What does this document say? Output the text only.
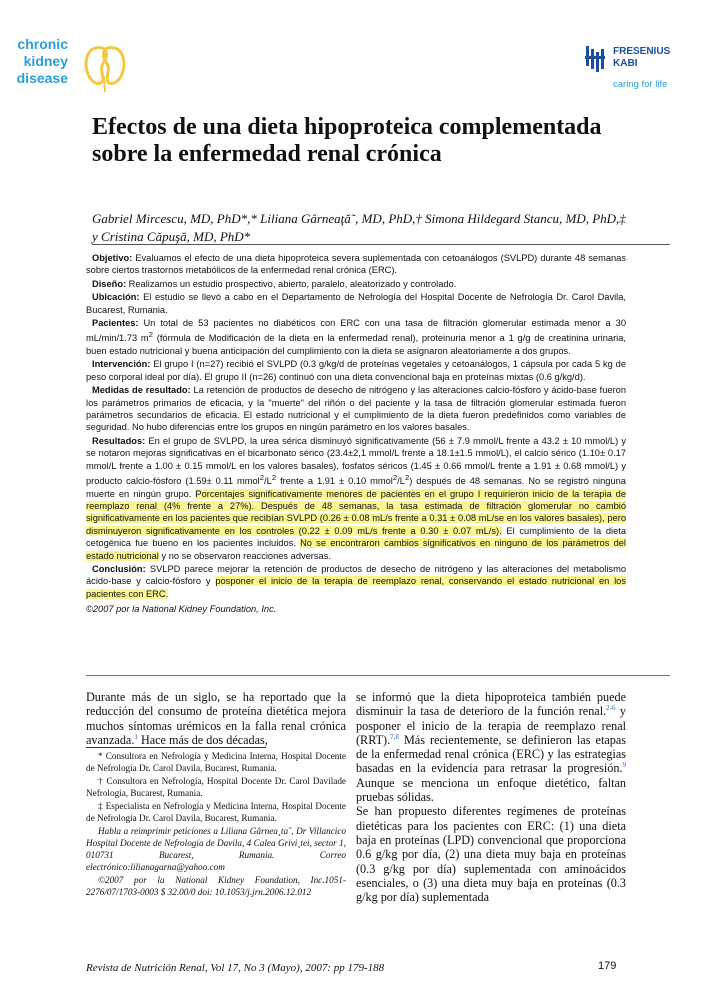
chronic
kidney
disease
FRESENIUS
KABI
caring for life
Efectos de una dieta hipoproteica complementada sobre la enfermedad renal crónica
Gabriel Mircescu, MD, PhD*,* Liliana Gârneaţă˜, MD, PhD,† Simona Hildegard Stancu, MD, PhD,‡ y Cristina Căpuşă, MD, PhD*

Objetivo: Evaluamos el efecto de una dieta hipoproteica severa suplementada con cetoanálogos (SVLPD) durante 48 semanas sobre ciertos trastornos metabólicos de la enfermedad renal crónica (ERC).

Diseño: Realizamos un estudio prospectivo, abierto, paralelo, aleatorizado y controlado.

Ubicación: El estudio se llevó a cabo en el Departamento de Nefrología del Hospital Docente de Nefrología Dr. Carol Davila, Bucarest, Rumania.

Pacientes: Un total de 53 pacientes no diabéticos con ERC con una tasa de filtración glomerular estimada menor a 30 mL/min/1.73 $m^2$ (fórmula de Modificación de la dieta en la enfermedad renal), proteinuria menor a 1 g/g de creatinina urinaria, buen estado nutricional y buena anticipación del cumplimiento con la dieta se asignaron aleatoriamente a dos grupos.

Intervención: El grupo I (n=27) recibió el SVLPD (0.3 g/kg/d de proteínas vegetales y cetoanálogos, 1 cápsula por cada 5 kg de peso corporal ideal por día). El grupo II (n=26) continuó con una dieta convencional baja en proteínas mixtas (0.6 g/kg/d).

Medidas de resultado: La retención de productos de desecho de nitrógeno y las alteraciones calcio-fósforo y ácido-base fueron los parámetros primarios de eficacia, y la "muerte" del riñón o del paciente y la tasa de filtración glomerular estimada fueron parámetros secundarios de eficacia. El estado nutricional y el cumplimiento de la dieta fueron predefinidos como variables de seguridad. No hubo diferencias entre los grupos en ningún parámetro en los valores basales.

Resultados: En el grupo de SVLPD, la urea sérica disminuyó significativamente (56 ± 7.9 mmol/L frente a 43.2 ± 10 mmol/L) y se notaron mejoras significativas en el bicarbonato sérico (23.4±2,1 mmol/L frente a 18.1±1.5 mmol/L), el calcio sérico (1.10± 0.17 mmol/L frente a 1.00 ± 0.15 mmol/L en los valores basales), fosfatos séricos (1.45 ± 0.66 mmol/L frente a 1.91 ± 0.68 mmol/L) y producto calcio-fósforo (1.59± 0.11 $mmol^2/L^2$ frente a 1.91 ± 0.10 $mmol^2/L^2$) después de 48 semanas. No se registró ninguna muerte en ningún grupo. Porcentajes significativamente menores de pacientes en el grupo I requirieron inicio de la terapia de reemplazo renal (4% frente a 27%). Después de 48 semanas, la tasa estimada de filtración glomerular no cambió significativamente en los pacientes que recibían SVLPD (0.26 ± 0.08 mL/s frente a 0.31 ± 0.08 mL/se en los valores basales), pero disminuyeron significativamente en los controles (0.22 ± 0.09 mL/s frente a 0.30 ± 0.07 mL/s). El cumplimiento de la dieta cetogénica fue bueno en los pacientes incluidos. No se encontraron cambios significativos en ninguno de los parámetros del estado nutricional y no se observaron reacciones adversas.

Conclusión: SVLPD parece mejorar la retención de productos de desecho de nitrógeno y las alteraciones del metabolismo ácido-base y calcio-fósforo y posponer el inicio de la terapia de reemplazo renal, conservando el estado nutricional en los pacientes con ERC.

©2007 por la National Kidney Foundation, Inc.

Durante más de un siglo, se ha reportado que la reducción del consumo de proteína dietética mejora muchos síntomas urémicos en la falla renal crónica avanzada.$^1$ Hace más de dos décadas,

* Consultora en Nefrología y Medicina Interna, Hospital Docente de Nefrología Dr. Carol Davila, Bucarest, Rumania.

† Consultora en Nefrología, Hospital Docente Dr. Carol Davilade Nefrología, Bucarest, Rumania.

‡ Especialista en Nefrología y Medicina Interna, Hospital Docente de Nefrología Dr. Carol Davila, Bucarest, Rumania.

Habla a reimprimir peticiones a Liliana Gârnea¸ta˘, Dr Villancico Hospital Docente de Nefrología de Davila, 4 Calea Grivi¸tei, sector 1, 010731 Bucarest, Rumania. Correo electrónico:lilianagarna@yahoo.com

©2007 por la National Kidney Foundation, Inc.1051-2276/07/1703-0003 $ 32.00/0 doi: 10.1053/j.jrn.2006.12.012

se informó que la dieta hipoproteica también puede disminuir la tasa de deterioro de la función renal.$^{2-6}$ y posponer el inicio de la terapia de reemplazo renal (RRT).$^{7,8}$ Más recientemente, se definieron las etapas de la enfermedad renal crónica (ERC) y las estrategias basadas en la evidencia para retrasar la progresión.$^9$ Aunque se menciona un enfoque dietético, faltan pruebas sólidas.

Se han propuesto diferentes regímenes de proteínas dietéticas para los pacientes con ERC: (1) una dieta baja en proteínas (LPD) convencional que proporciona 0.6 g/kg por día, (2) una dieta muy baja en proteínas (0.3 g/kg por día) suplementada con aminoácidos esenciales, o (3) una dieta muy baja en proteínas (0.3 g/kg por día) suplementada

Revista de Nutrición Renal, Vol 17, No 3 (Mayo), 2007: pp 179-188	179
